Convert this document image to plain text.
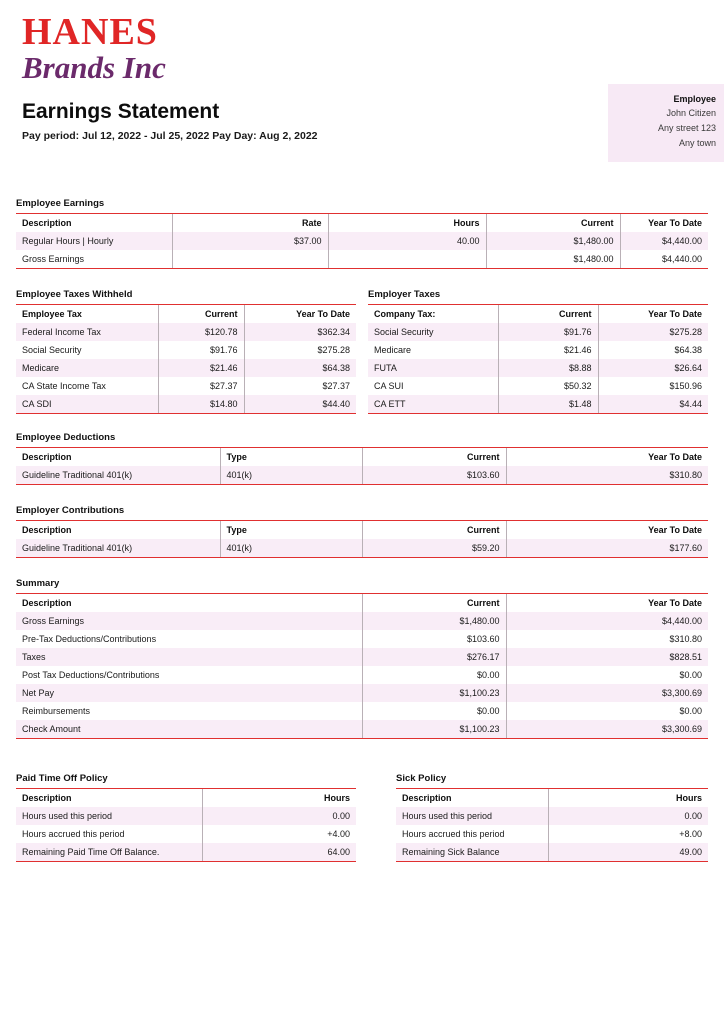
HANES
Brands Inc
Earnings Statement
Pay period: Jul 12, 2022 - Jul 25, 2022 Pay Day: Aug 2, 2022
Employee
John Citizen
Any street 123
Any town
Employee Earnings
Description	Rate	Hours	Current	Year To Date
Regular Hours | Hourly	$37.00	40.00	$1,480.00	$4,440.00
Gross Earnings			$1,480.00	$4,440.00
Employee Taxes Withheld
Employee Tax	Current	Year To Date
Federal Income Tax	$120.78	$362.34
Social Security	$91.76	$275.28
Medicare	$21.46	$64.38
CA State Income Tax	$27.37	$27.37
CA SDI	$14.80	$44.40
Employer Taxes
Company Tax:	Current	Year To Date
Social Security	$91.76	$275.28
Medicare	$21.46	$64.38
FUTA	$8.88	$26.64
CA SUI	$50.32	$150.96
CA ETT	$1.48	$4.44
Employee Deductions
Description	Type	Current	Year To Date
Guideline Traditional 401(k)	401(k)	$103.60	$310.80
Employer Contributions
Description	Type	Current	Year To Date
Guideline Traditional 401(k)	401(k)	$59.20	$177.60
Summary
Description	Current		Year To Date
Gross Earnings	$1,480.00		$4,440.00
Pre-Tax Deductions/Contributions	$103.60		$310.80
Taxes	$276.17		$828.51
Post Tax Deductions/Contributions	$0.00		$0.00
Net Pay	$1,100.23		$3,300.69
Reimbursements	$0.00		$0.00
Check Amount	$1,100.23		$3,300.69
Paid Time Off Policy
Description	Hours
Hours used this period	0.00
Hours accrued this period	+4.00
Remaining Paid Time Off Balance.	64.00
Sick Policy
Description	Hours
Hours used this period	0.00
Hours accrued this period	+8.00
Remaining Sick Balance	49.00
